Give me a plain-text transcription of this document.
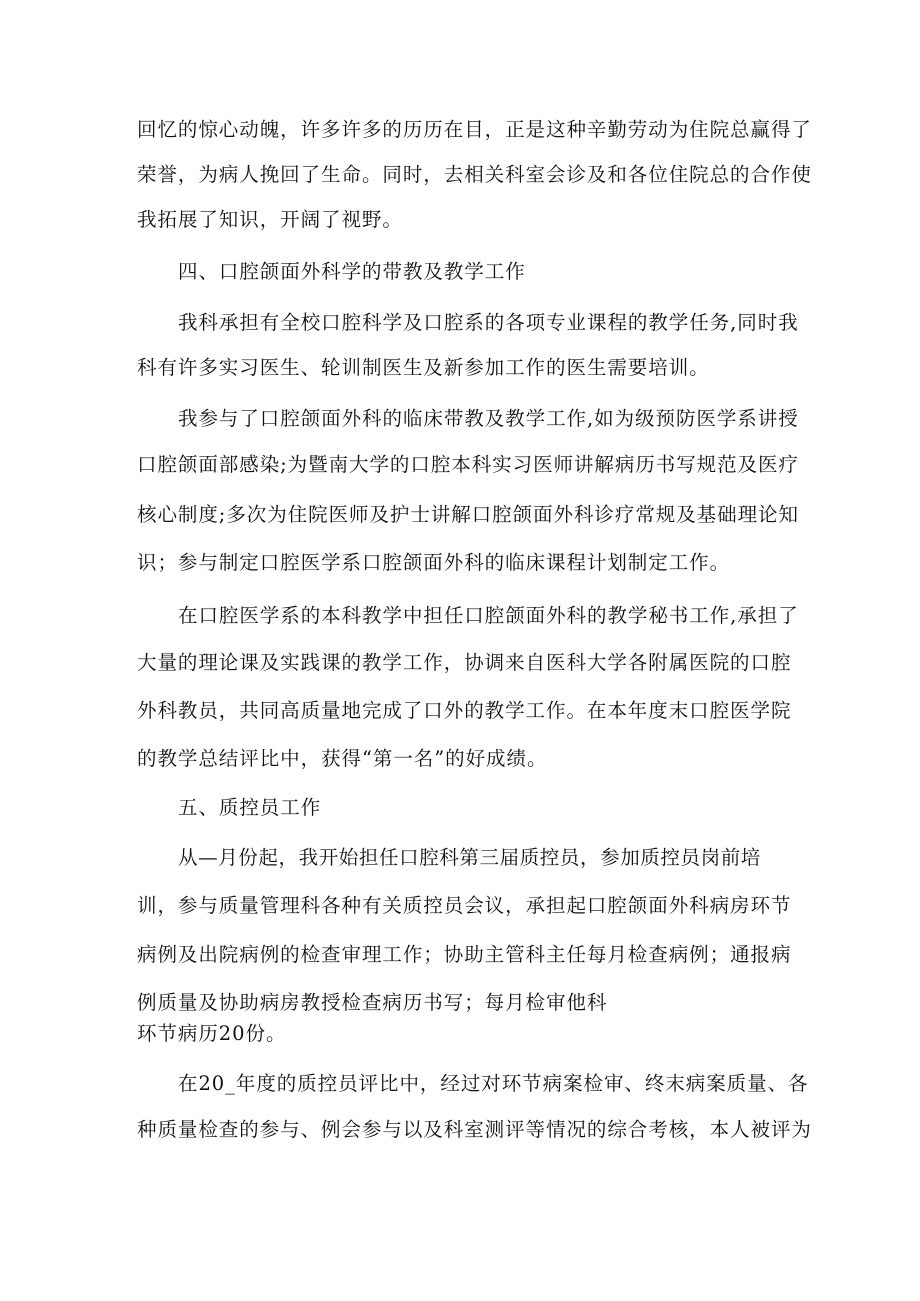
回忆的惊心动魄，许多许多的历历在目，正是这种辛勤劳动为住院总赢得了
荣誉，为病人挽回了生命。同时，去相关科室会诊及和各位住院总的合作使
我拓展了知识，开阔了视野。
四、口腔颌面外科学的带教及教学工作
我科承担有全校口腔科学及口腔系的各项专业课程的教学任务,同时我
科有许多实习医生、轮训制医生及新参加工作的医生需要培训。
我参与了口腔颌面外科的临床带教及教学工作,如为级预防医学系讲授
口腔颌面部感染;为暨南大学的口腔本科实习医师讲解病历书写规范及医疗
核心制度;多次为住院医师及护士讲解口腔颌面外科诊疗常规及基础理论知
识；参与制定口腔医学系口腔颌面外科的临床课程计划制定工作。
在口腔医学系的本科教学中担任口腔颌面外科的教学秘书工作,承担了
大量的理论课及实践课的教学工作，协调来自医科大学各附属医院的口腔
外科教员，共同高质量地完成了口外的教学工作。在本年度末口腔医学院
的教学总结评比中，获得“第一名”的好成绩。
五、质控员工作
从—月份起，我开始担任口腔科第三届质控员，参加质控员岗前培
训，参与质量管理科各种有关质控员会议，承担起口腔颌面外科病房环节
病例及出院病例的检查审理工作；协助主管科主任每月检查病例；通报病
例质量及协助病房教授检查病历书写；每月检审他科
环节病历20份。
在20_年度的质控员评比中，经过对环节病案检审、终末病案质量、各
种质量检查的参与、例会参与以及科室测评等情况的综合考核，本人被评为
